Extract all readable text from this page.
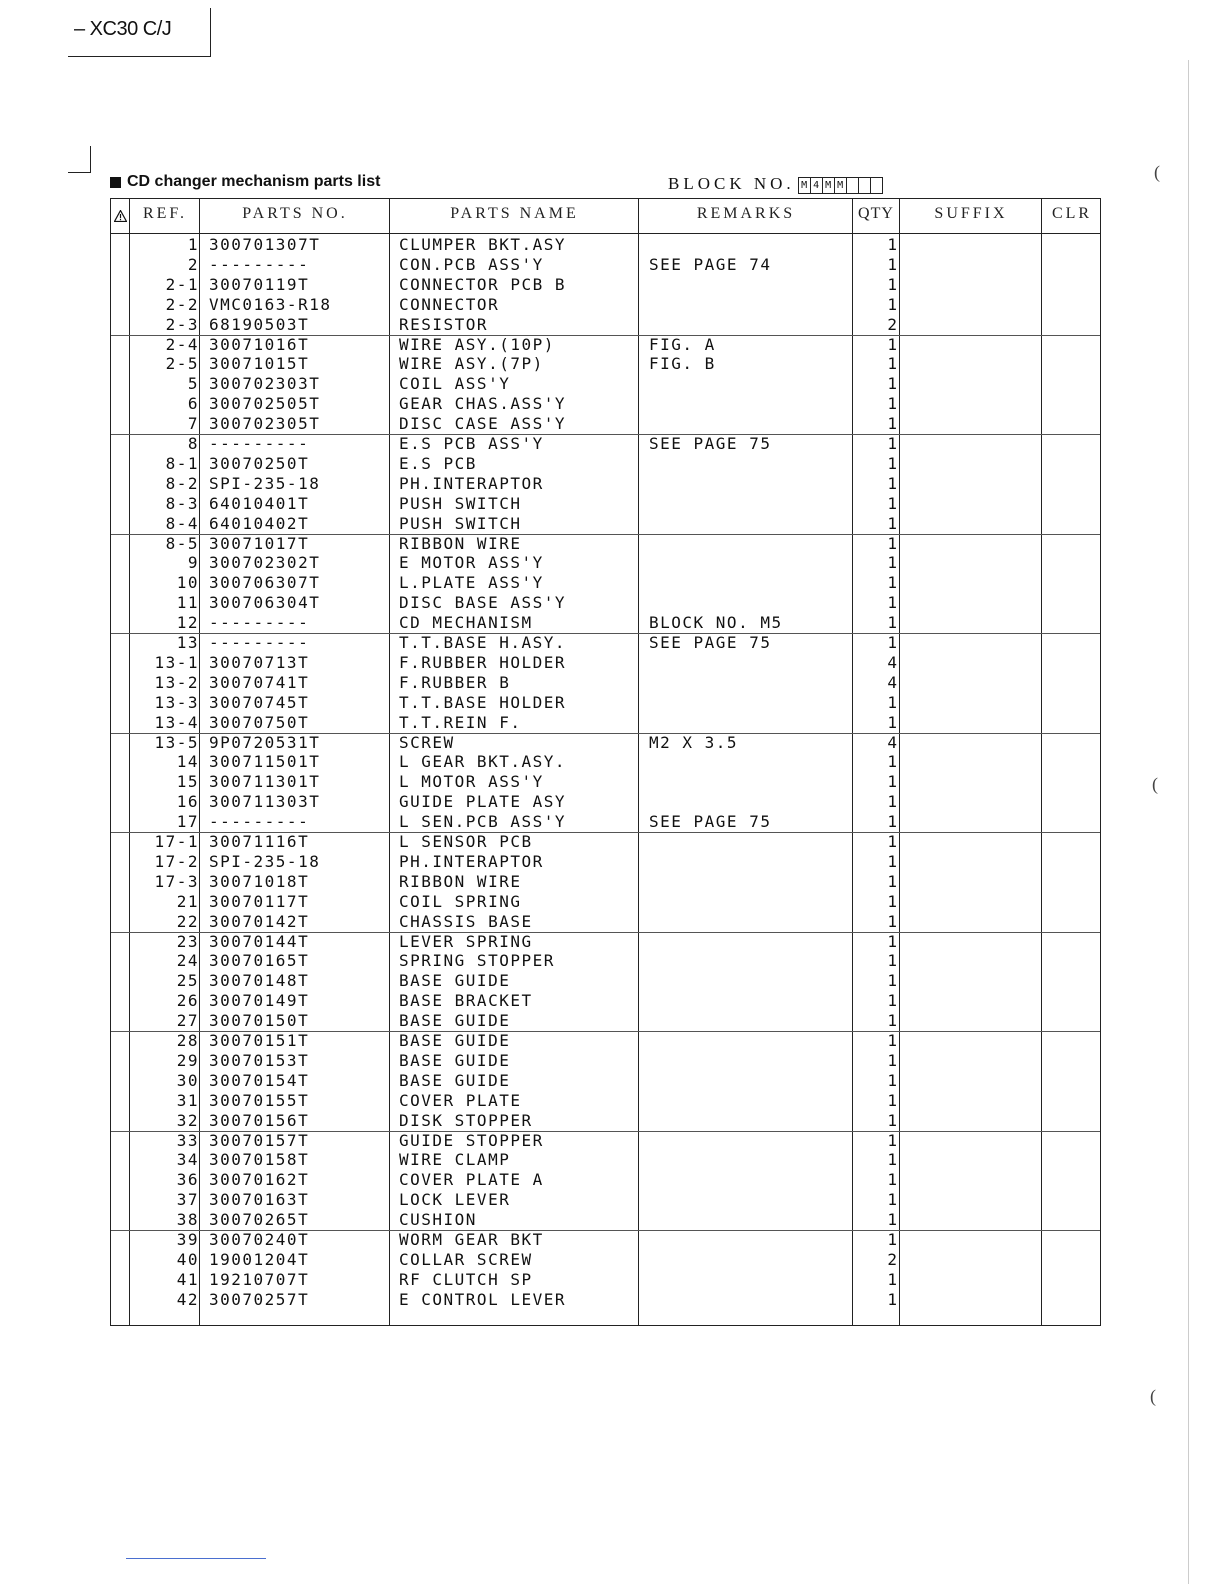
– XC30 C/J
CD changer mechanism parts list	BLOCK NO. M 4 M M
REF.	PARTS NO.	PARTS NAME	REMARKS	QTY	SUFFIX	CLR
1 300701307T	CLUMPER BKT.ASY	1
2 ---------	CON.PCB ASS'Y	SEE PAGE 74	1
2-1 30070119T	CONNECTOR PCB B	1
2-2 VMC0163-R18	CONNECTOR	1
2-3 68190503T	RESISTOR	2
2-4 30071016T	WIRE ASY.(10P)	FIG. A	1
2-5 30071015T	WIRE ASY.(7P)	FIG. B	1
5 300702303T	COIL ASS'Y	1
6 300702505T	GEAR CHAS.ASS'Y	1
7 300702305T	DISC CASE ASS'Y	1
8 ---------	E.S PCB ASS'Y	SEE PAGE 75	1
8-1 30070250T	E.S PCB	1
8-2 SPI-235-18	PH.INTERAPTOR	1
8-3 64010401T	PUSH SWITCH	1
8-4 64010402T	PUSH SWITCH	1
8-5 30071017T	RIBBON WIRE	1
9 300702302T	E MOTOR ASS'Y	1
10 300706307T	L.PLATE ASS'Y	1
11 300706304T	DISC BASE ASS'Y	1
12 ---------	CD MECHANISM	BLOCK NO. M5	1
13 ---------	T.T.BASE H.ASY.	SEE PAGE 75	1
13-1 30070713T	F.RUBBER HOLDER	4
13-2 30070741T	F.RUBBER B	4
13-3 30070745T	T.T.BASE HOLDER	1
13-4 30070750T	T.T.REIN F.	1
13-5 9P0720531T	SCREW	M2 X 3.5	4
14 300711501T	L GEAR BKT.ASY.	1
15 300711301T	L MOTOR ASS'Y	1
16 300711303T	GUIDE PLATE ASY	1
17 ---------	L SEN.PCB ASS'Y	SEE PAGE 75	1
17-1 30071116T	L SENSOR PCB	1
17-2 SPI-235-18	PH.INTERAPTOR	1
17-3 30071018T	RIBBON WIRE	1
21 30070117T	COIL SPRING	1
22 30070142T	CHASSIS BASE	1
23 30070144T	LEVER SPRING	1
24 30070165T	SPRING STOPPER	1
25 30070148T	BASE GUIDE	1
26 30070149T	BASE BRACKET	1
27 30070150T	BASE GUIDE	1
28 30070151T	BASE GUIDE	1
29 30070153T	BASE GUIDE	1
30 30070154T	BASE GUIDE	1
31 30070155T	COVER PLATE	1
32 30070156T	DISK STOPPER	1
33 30070157T	GUIDE STOPPER	1
34 30070158T	WIRE CLAMP	1
36 30070162T	COVER PLATE A	1
37 30070163T	LOCK LEVER	1
38 30070265T	CUSHION	1
39 30070240T	WORM GEAR BKT	1
40 19001204T	COLLAR SCREW	2
41 19210707T	RF CLUTCH SP	1
42 30070257T	E CONTROL LEVER	1
(
(
(
